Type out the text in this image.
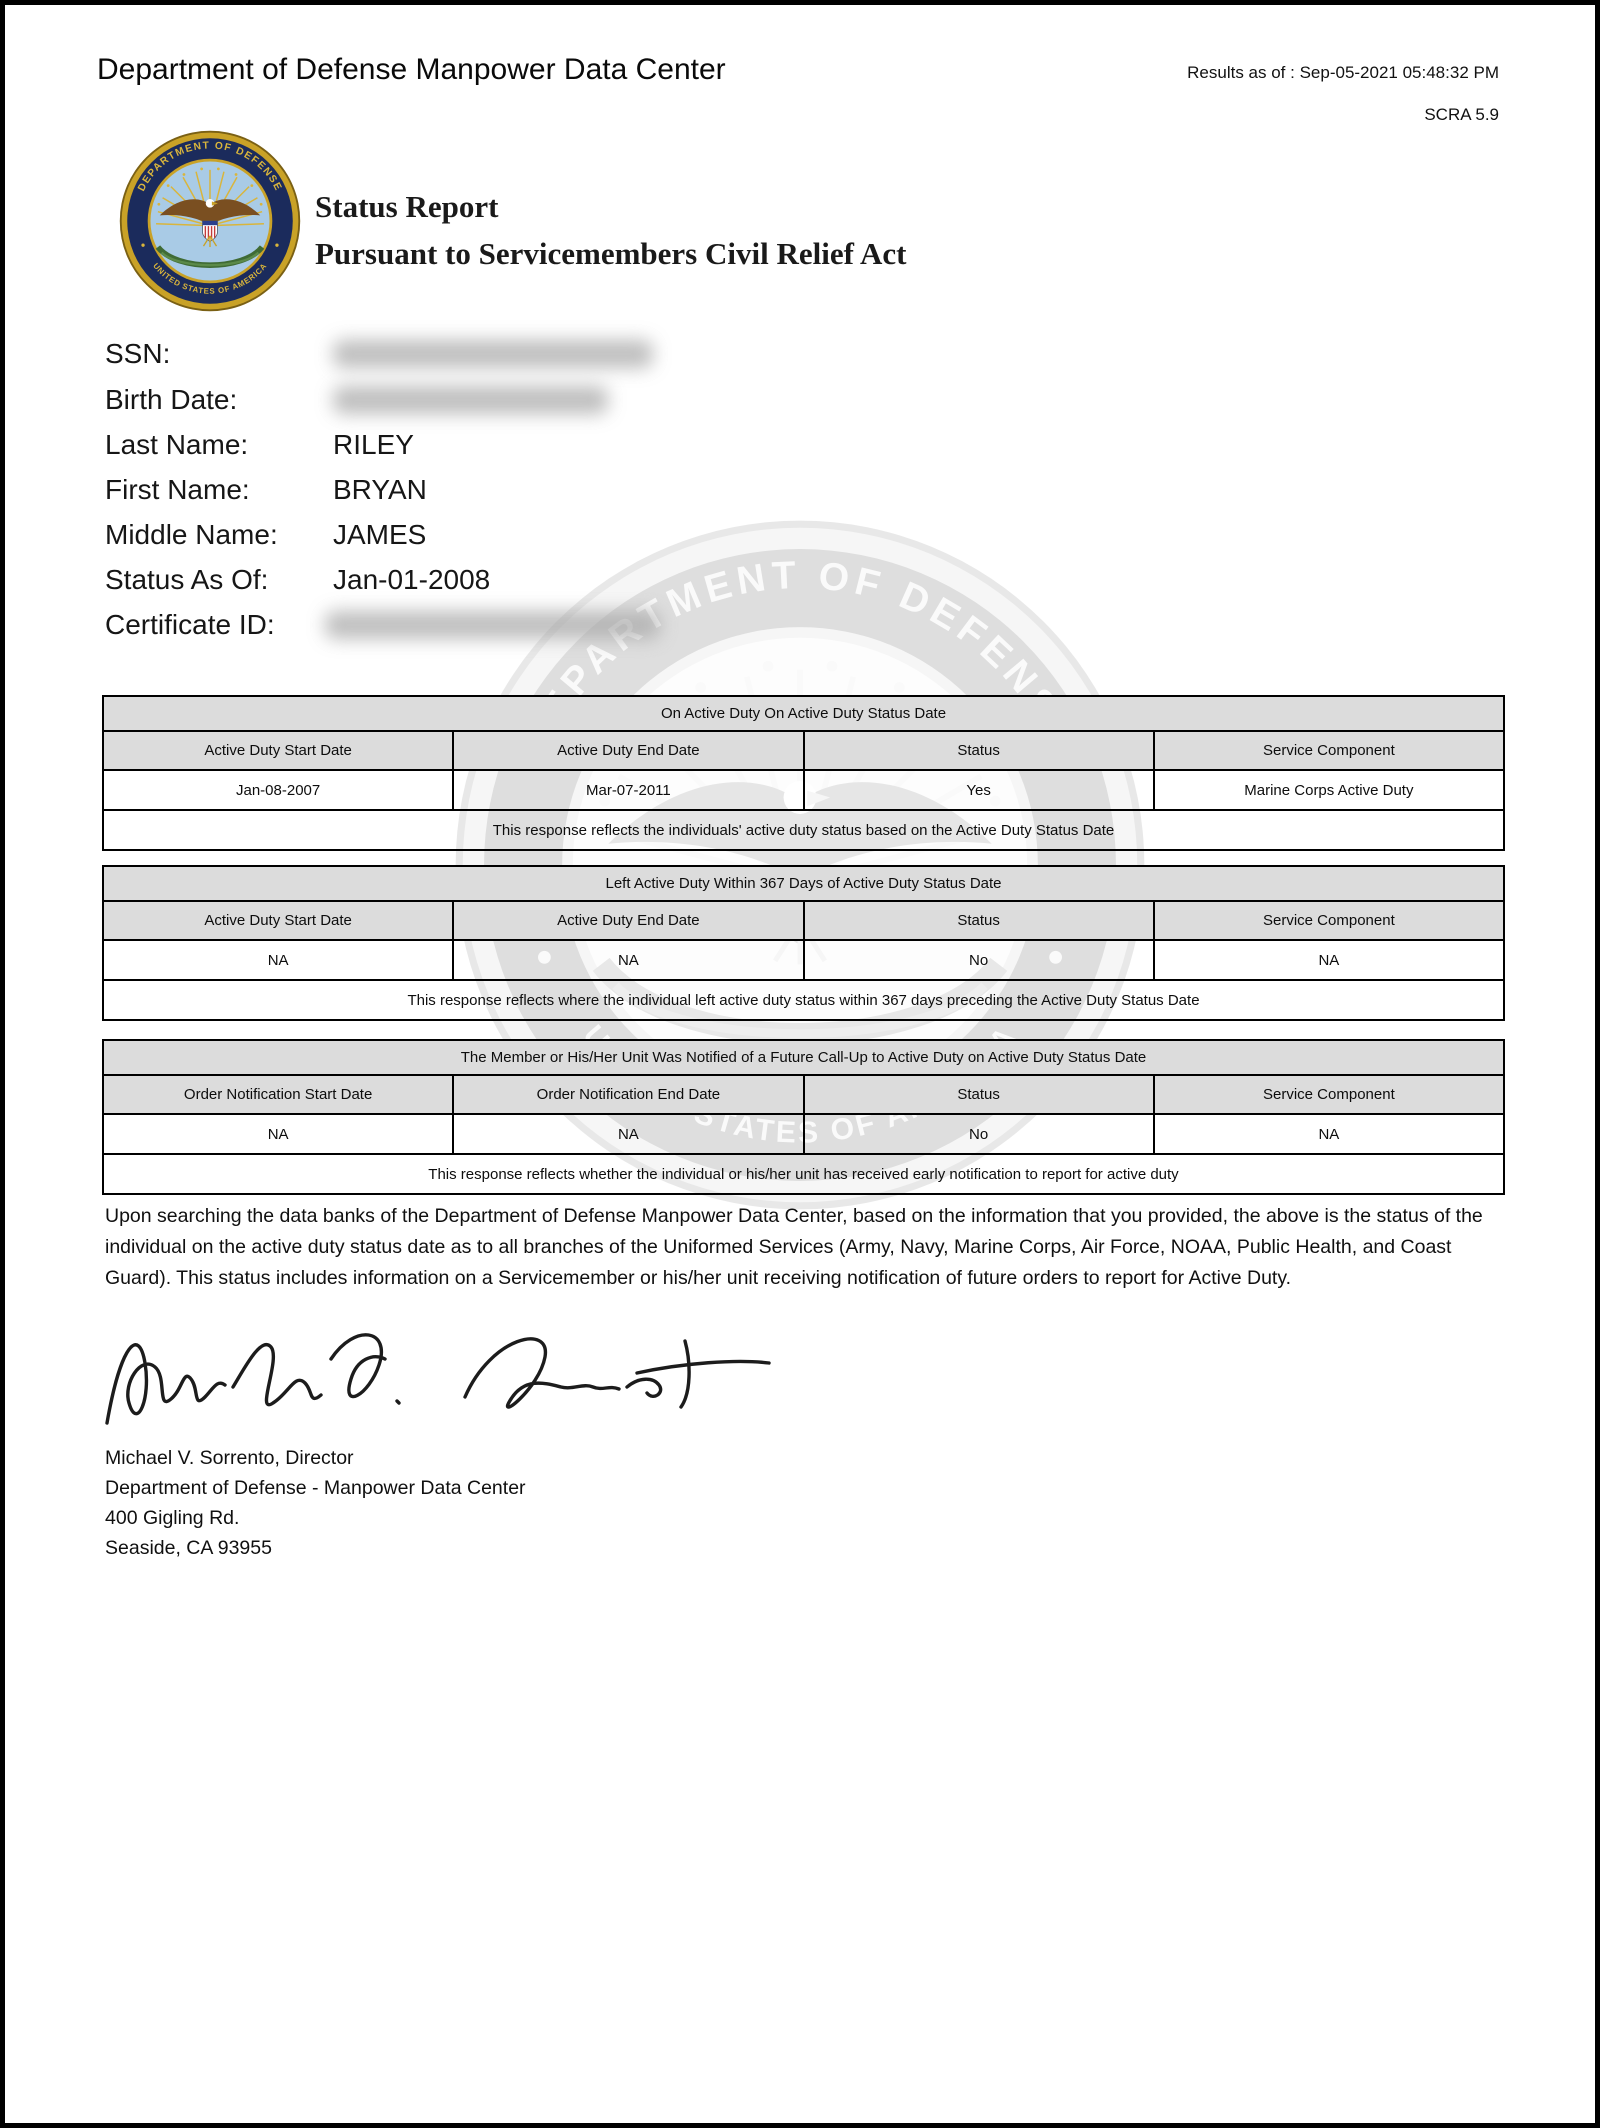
Department of Defense Manpower Data Center	Results as of : Sep-05-2021 05:48:32 PM
SCRA 5.9
Status Report
Pursuant to Servicemembers Civil Relief Act
SSN:
Birth Date:
Last Name:	RILEY
First Name:	BRYAN
Middle Name: JAMES
Status As Of: Jan-01-2008
Certificate ID:
On Active Duty On Active Duty Status Date			
Active Duty Start Date	Active Duty End Date	Status	Service Component
Jan-08-2007	Mar-07-2011	Yes	Marine Corps Active Duty
This response reflects the individuals' active duty status based on the Active Duty Status Date			
Left Active Duty Within 367 Days of Active Duty Status Date			
Active Duty Start Date	Active Duty End Date	Status	Service Component
NA	NA	No	NA
This response reflects where the individual left active duty status within 367 days preceding the Active Duty Status Date			
The Member or His/Her Unit Was Notified of a Future Call-Up to Active Duty on Active Duty Status Date			
Order Notification Start Date	Order Notification End Date	Status	Service Component
NA	NA	No	NA
This response reflects whether the individual or his/her unit has received early notification to report for active duty			
Upon searching the data banks of the Department of Defense Manpower Data Center, based on the information that you provided, the above is the status of the individual on the active duty status date as to all branches of the Uniformed Services (Army, Navy, Marine Corps, Air Force, NOAA, Public Health, and Coast Guard). This status includes information on a Servicemember or his/her unit receiving notification of future orders to report for Active Duty.
Michael V. Sorrento, Director
Department of Defense - Manpower Data Center
400 Gigling Rd.
Seaside, CA 93955
